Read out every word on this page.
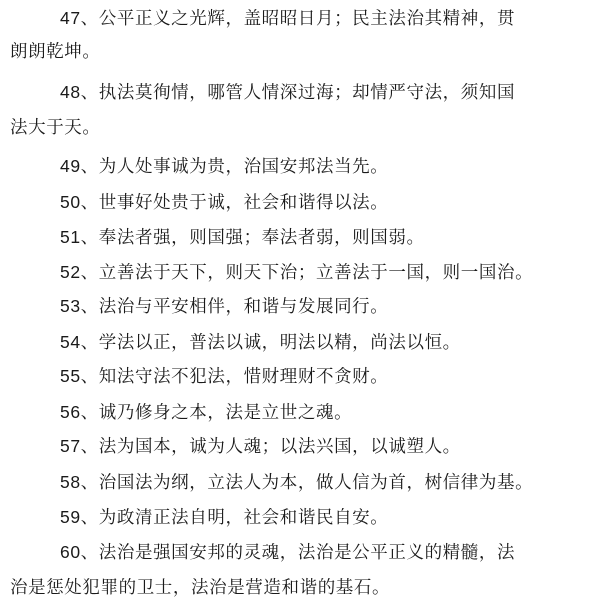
47、公平正义之光辉，盖昭昭日月；民主法治其精神，贯
朗朗乾坤。
48、执法莫徇情，哪管人情深过海；却情严守法，须知国
法大于天。
49、为人处事诚为贵，治国安邦法当先。
50、世事好处贵于诚，社会和谐得以法。
51、奉法者强，则国强；奉法者弱，则国弱。
52、立善法于天下，则天下治；立善法于一国，则一国治。
53、法治与平安相伴，和谐与发展同行。
54、学法以正，普法以诚，明法以精，尚法以恒。
55、知法守法不犯法，惜财理财不贪财。
56、诚乃修身之本，法是立世之魂。
57、法为国本，诚为人魂；以法兴国，以诚塑人。
58、治国法为纲，立法人为本，做人信为首，树信律为基。
59、为政清正法自明，社会和谐民自安。
60、法治是强国安邦的灵魂，法治是公平正义的精髓，法
治是惩处犯罪的卫士，法治是营造和谐的基石。
